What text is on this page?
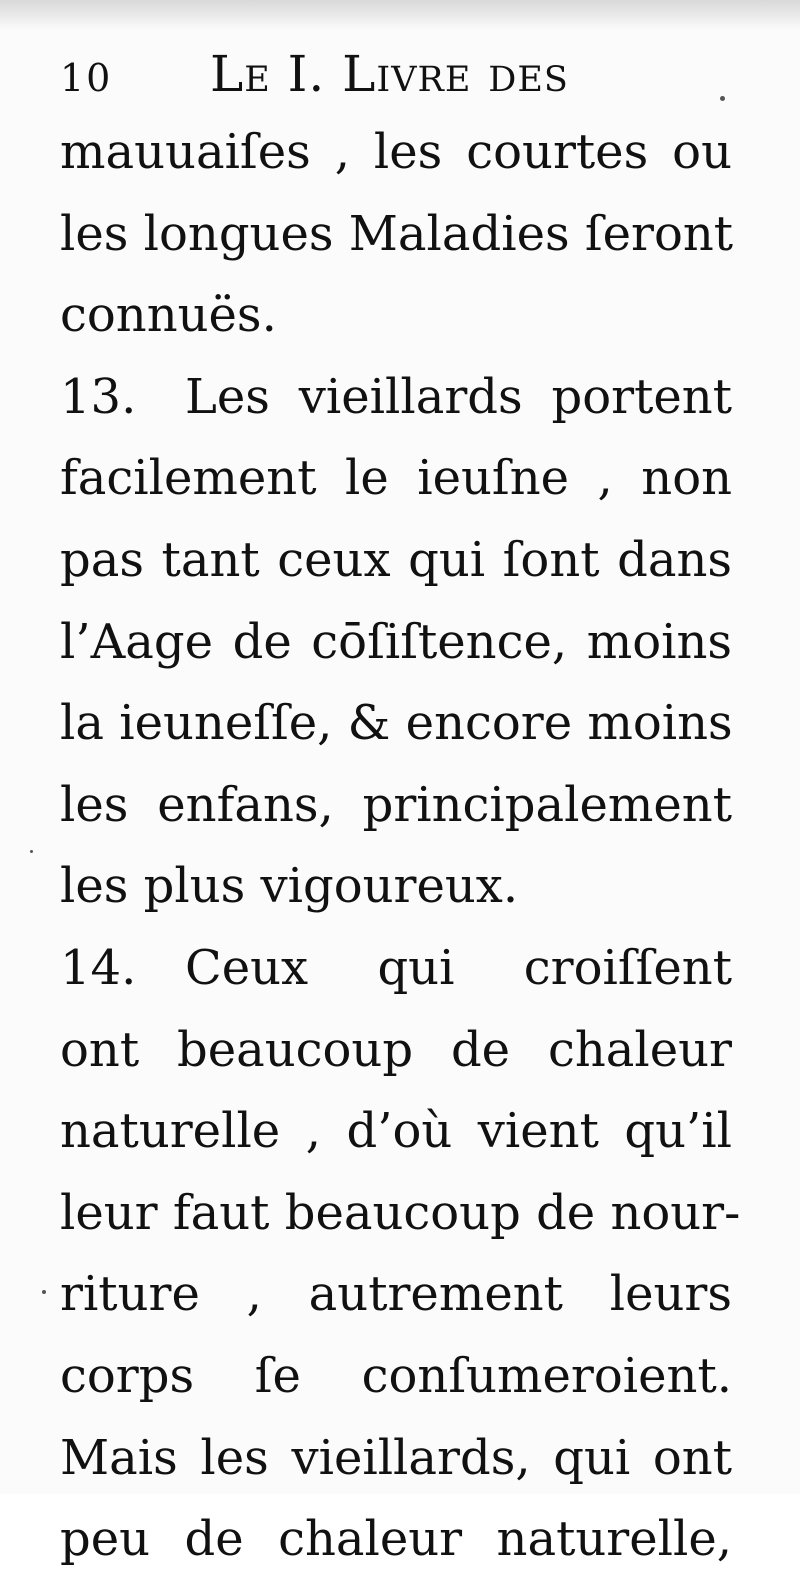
10	Le I. Livre des
mauuaiſes , les courtes ou
les longues Maladies ſeront
connuës.
13. Les vieillards portent
facilement le ieuſne , non
pas tant ceux qui ſont dans
l’Aage de cōſiſtence, moins
la ieuneſſe, & encore moins
les enfans, principalement
les plus vigoureux.
14. Ceux qui croiſſent
ont beaucoup de chaleur
naturelle , d’où vient qu’il
leur faut beaucoup de nour-
riture , autrement leurs
corps ſe conſumeroient.
Mais les vieillards, qui ont
peu de chaleur naturelle,
